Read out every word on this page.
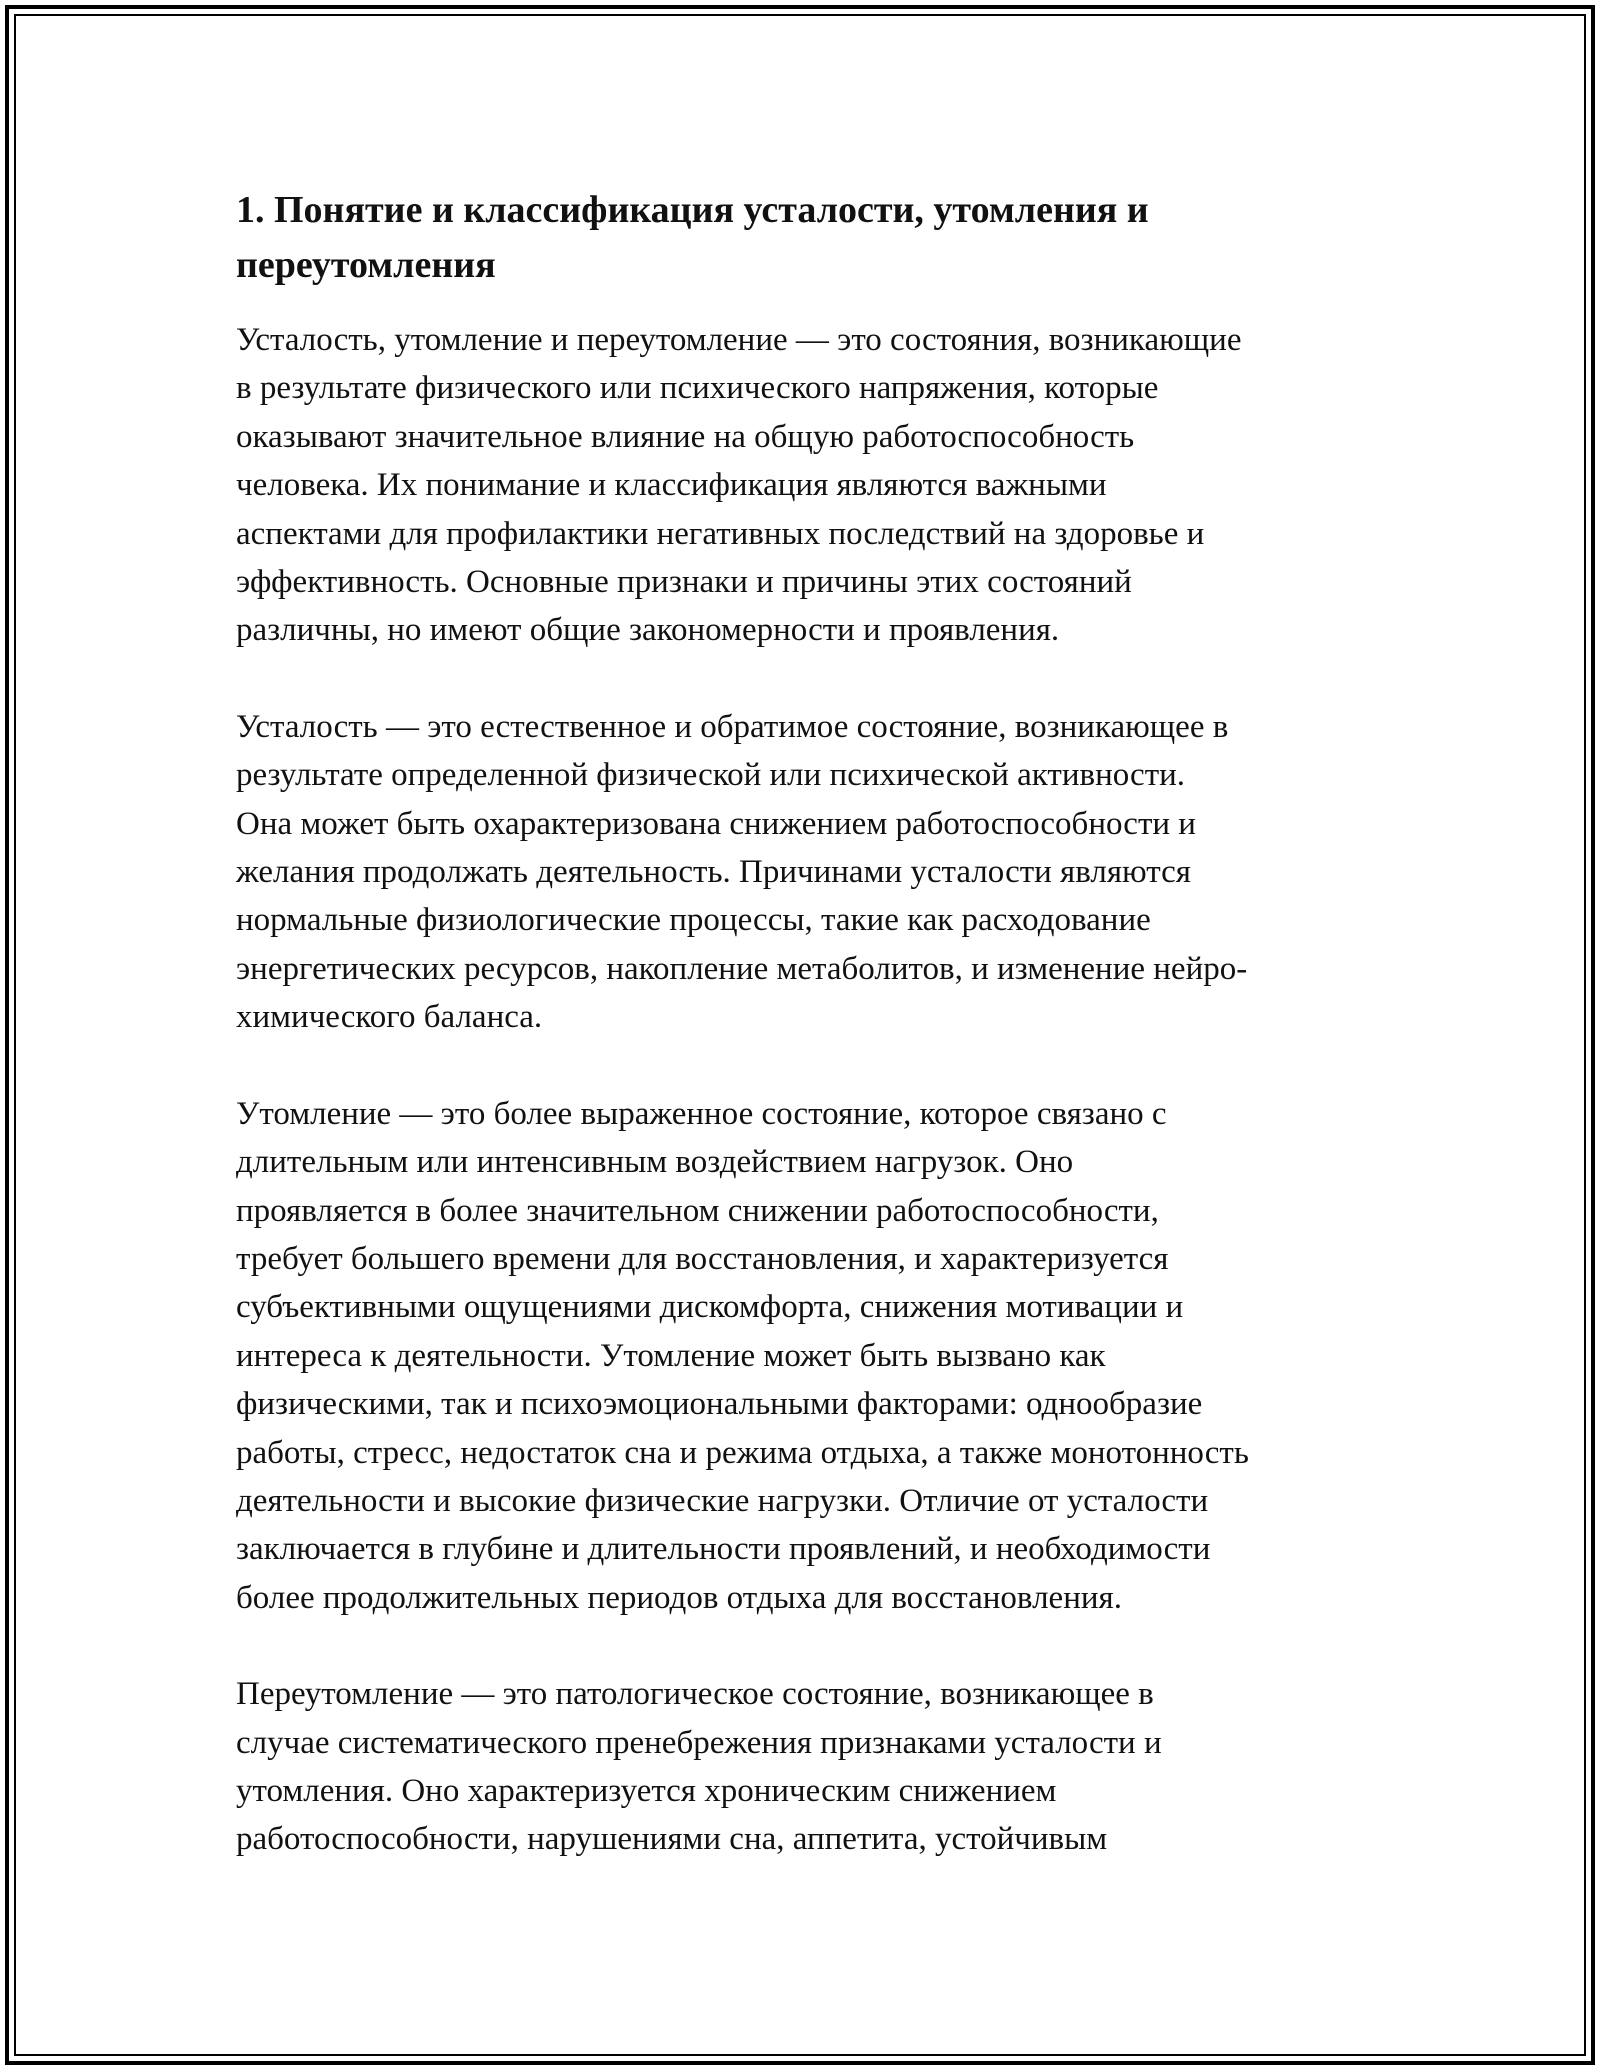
1. Понятие и классификация усталости, утомления и
переутомления

Усталость, утомление и переутомление — это состояния, возникающие
в результате физического или психического напряжения, которые
оказывают значительное влияние на общую работоспособность
человека. Их понимание и классификация являются важными
аспектами для профилактики негативных последствий на здоровье и
эффективность. Основные признаки и причины этих состояний
различны, но имеют общие закономерности и проявления.

Усталость — это естественное и обратимое состояние, возникающее в
результате определенной физической или психической активности.
Она может быть охарактеризована снижением работоспособности и
желания продолжать деятельность. Причинами усталости являются
нормальные физиологические процессы, такие как расходование
энергетических ресурсов, накопление метаболитов, и изменение нейро-
химического баланса.

Утомление — это более выраженное состояние, которое связано с
длительным или интенсивным воздействием нагрузок. Оно
проявляется в более значительном снижении работоспособности,
требует большего времени для восстановления, и характеризуется
субъективными ощущениями дискомфорта, снижения мотивации и
интереса к деятельности. Утомление может быть вызвано как
физическими, так и психоэмоциональными факторами: однообразие
работы, стресс, недостаток сна и режима отдыха, а также монотонность
деятельности и высокие физические нагрузки. Отличие от усталости
заключается в глубине и длительности проявлений, и необходимости
более продолжительных периодов отдыха для восстановления.

Переутомление — это патологическое состояние, возникающее в
случае систематического пренебрежения признаками усталости и
утомления. Оно характеризуется хроническим снижением
работоспособности, нарушениями сна, аппетита, устойчивым
